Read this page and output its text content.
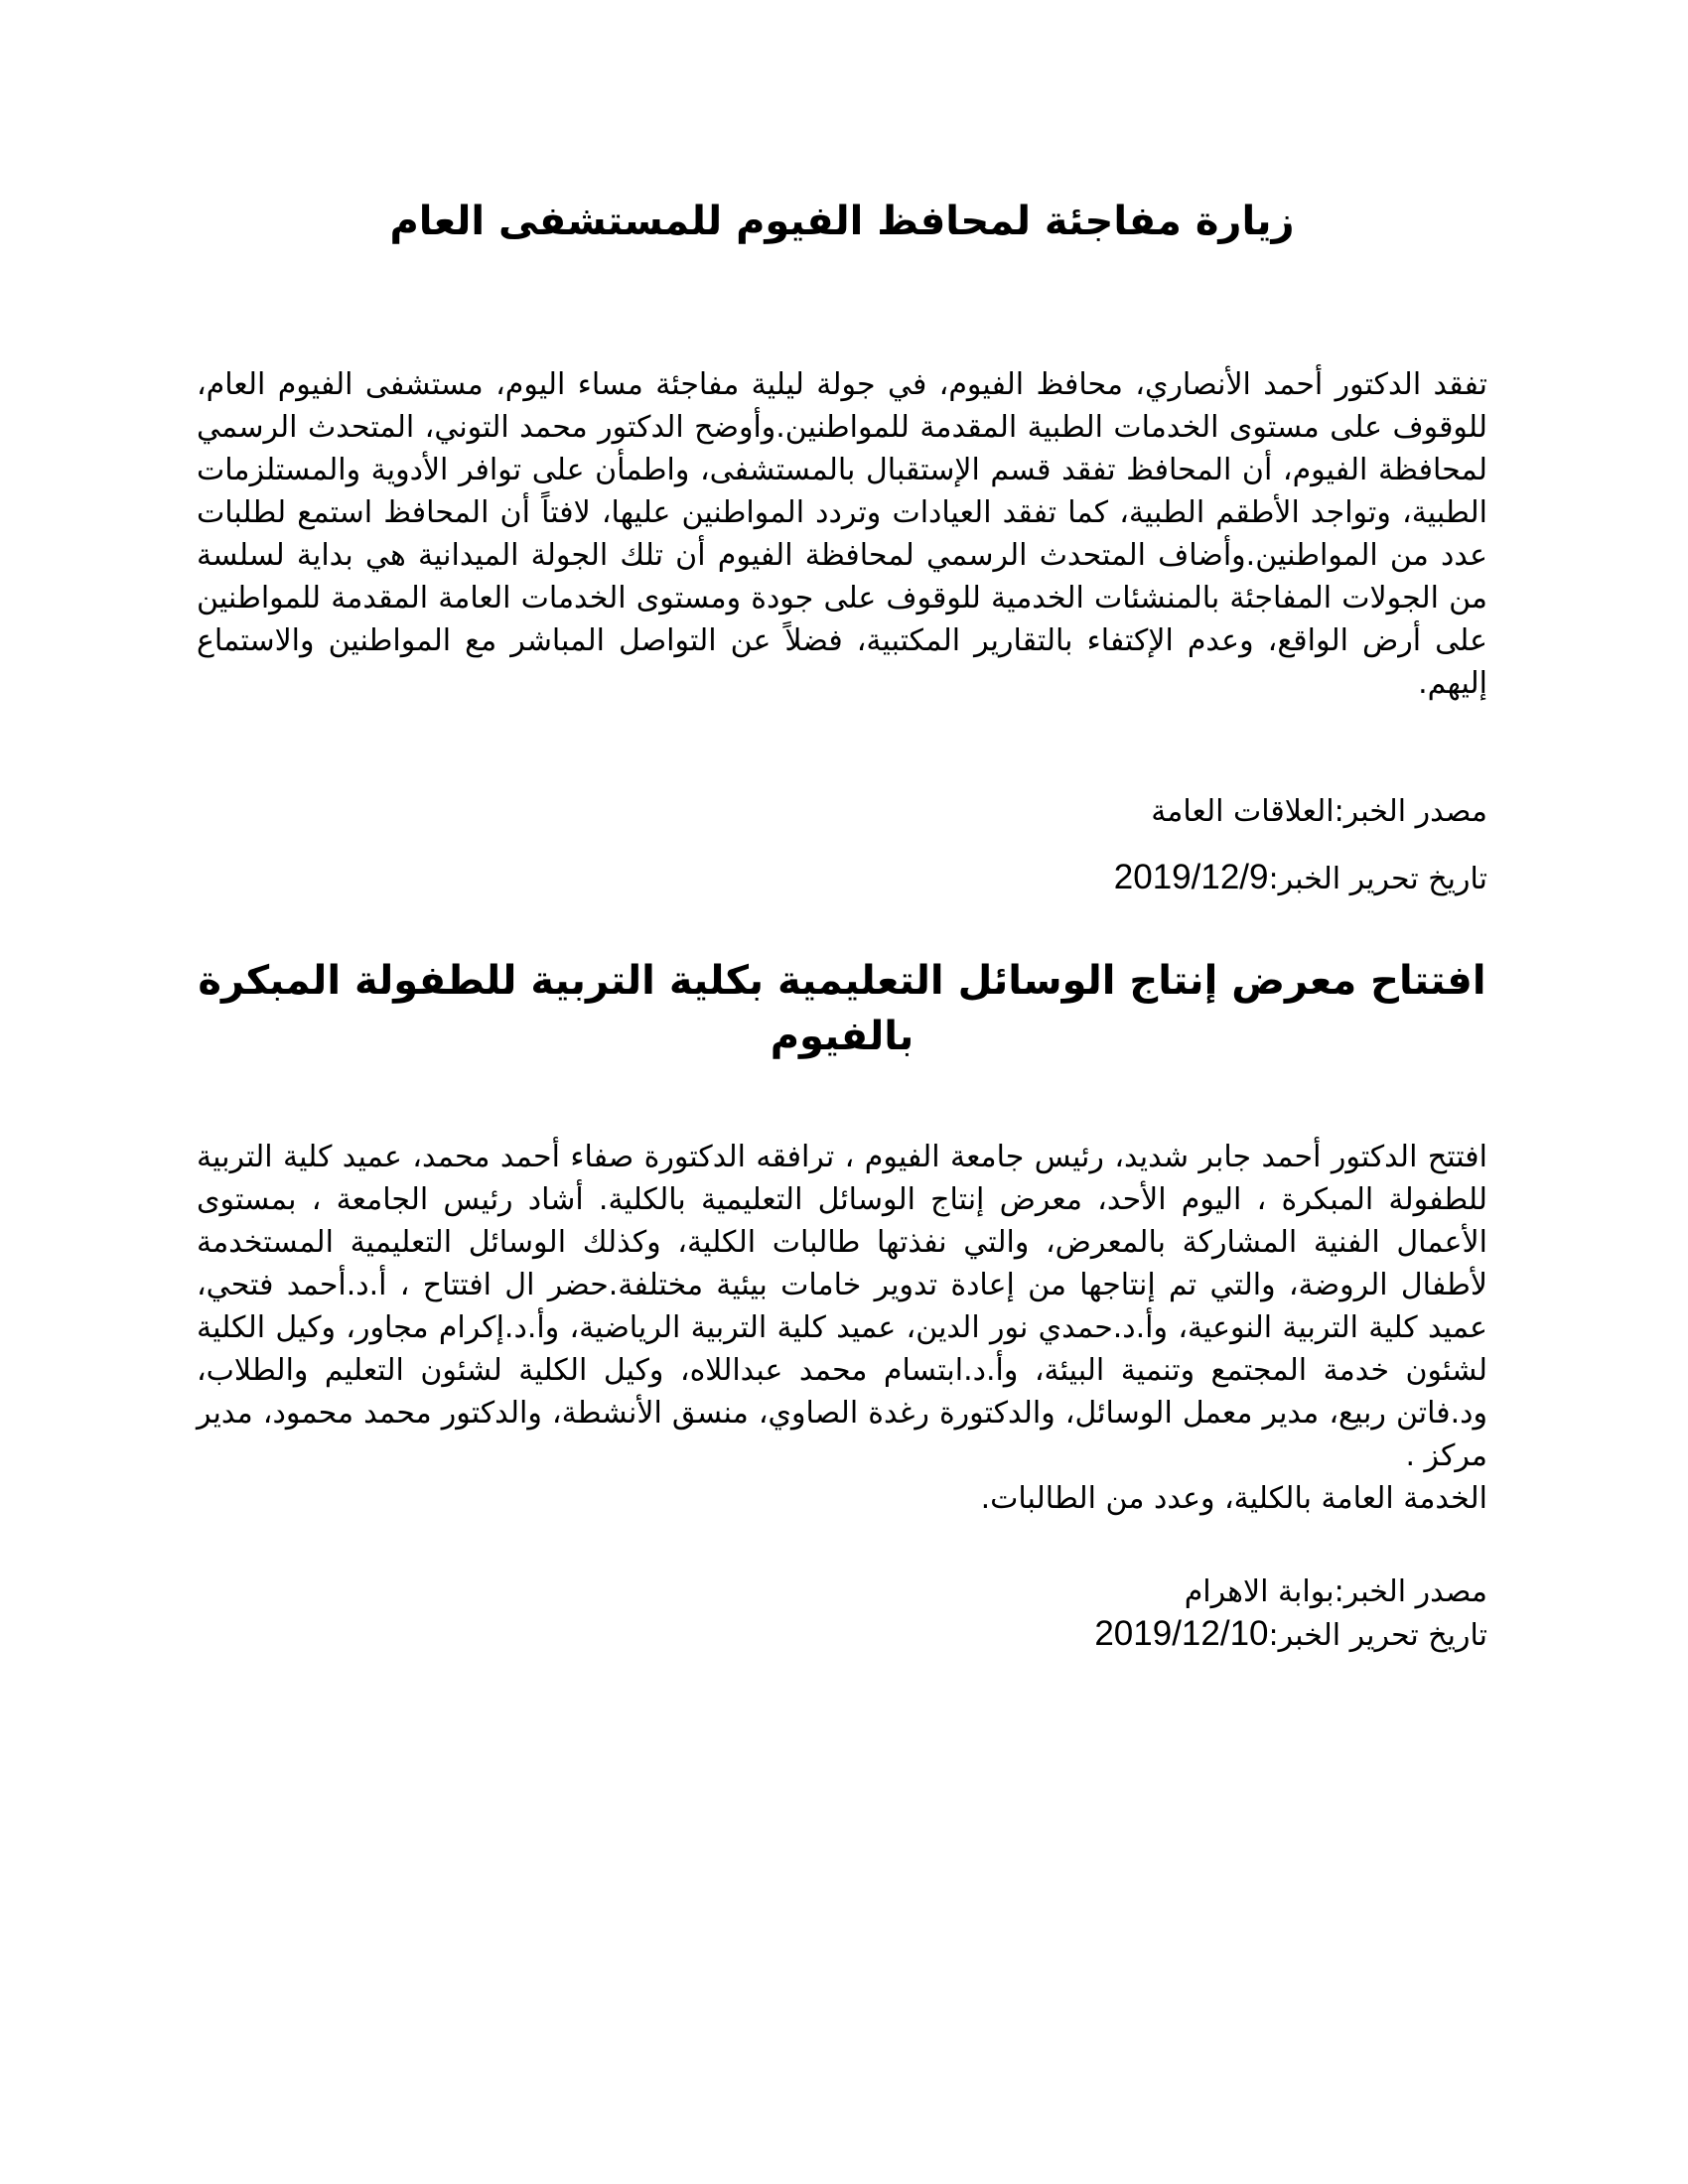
زيارة مفاجئة لمحافظ الفيوم للمستشفى العام

تفقد الدكتور أحمد الأنصاري، محافظ الفيوم، في جولة ليلية مفاجئة مساء اليوم، مستشفى الفيوم العام، للوقوف على مستوى الخدمات الطبية المقدمة للمواطنين.وأوضح الدكتور محمد التوني، المتحدث الرسمي لمحافظة الفيوم، أن المحافظ تفقد قسم الإستقبال بالمستشفى، واطمأن على توافر الأدوية والمستلزمات الطبية، وتواجد الأطقم الطبية، كما تفقد العيادات وتردد المواطنين عليها، لافتاً أن المحافظ استمع لطلبات عدد من المواطنين.وأضاف المتحدث الرسمي لمحافظة الفيوم أن تلك الجولة الميدانية هي بداية لسلسة من الجولات المفاجئة بالمنشئات الخدمية للوقوف على جودة ومستوى الخدمات العامة المقدمة للمواطنين على أرض الواقع، وعدم الإكتفاء بالتقارير المكتبية، فضلاً عن التواصل المباشر مع المواطنين والاستماع إليهم.

مصدر الخبر:العلاقات العامة
تاريخ تحرير الخبر:2019/12/9
افتتاح معرض إنتاج الوسائل التعليمية بكلية التربية للطفولة المبكرة بالفيوم

افتتح الدكتور أحمد جابر شديد، رئيس جامعة الفيوم ، ترافقه الدكتورة صفاء أحمد محمد، عميد كلية التربية للطفولة المبكرة ، اليوم الأحد، معرض إنتاج الوسائل التعليمية بالكلية. أشاد رئيس الجامعة ، بمستوى الأعمال الفنية المشاركة بالمعرض، والتي نفذتها طالبات الكلية، وكذلك الوسائل التعليمية المستخدمة لأطفال الروضة، والتي تم إنتاجها من إعادة تدوير خامات بيئية مختلفة.حضر ال افتتاح ، أ.د.أحمد فتحي، عميد كلية التربية النوعية، وأ.د.حمدي نور الدين، عميد كلية التربية الرياضية، وأ.د.إكرام مجاور، وكيل الكلية لشئون خدمة المجتمع وتنمية البيئة، وأ.د.ابتسام محمد عبداللاه، وكيل الكلية لشئون التعليم والطلاب، ود.فاتن ربيع، مدير معمل الوسائل، والدكتورة رغدة الصاوي، منسق الأنشطة، والدكتور محمد محمود، مدير مركز .

الخدمة العامة بالكلية، وعدد من الطالبات.

مصدر الخبر:بوابة الاهرام
تاريخ تحرير الخبر:2019/12/10
